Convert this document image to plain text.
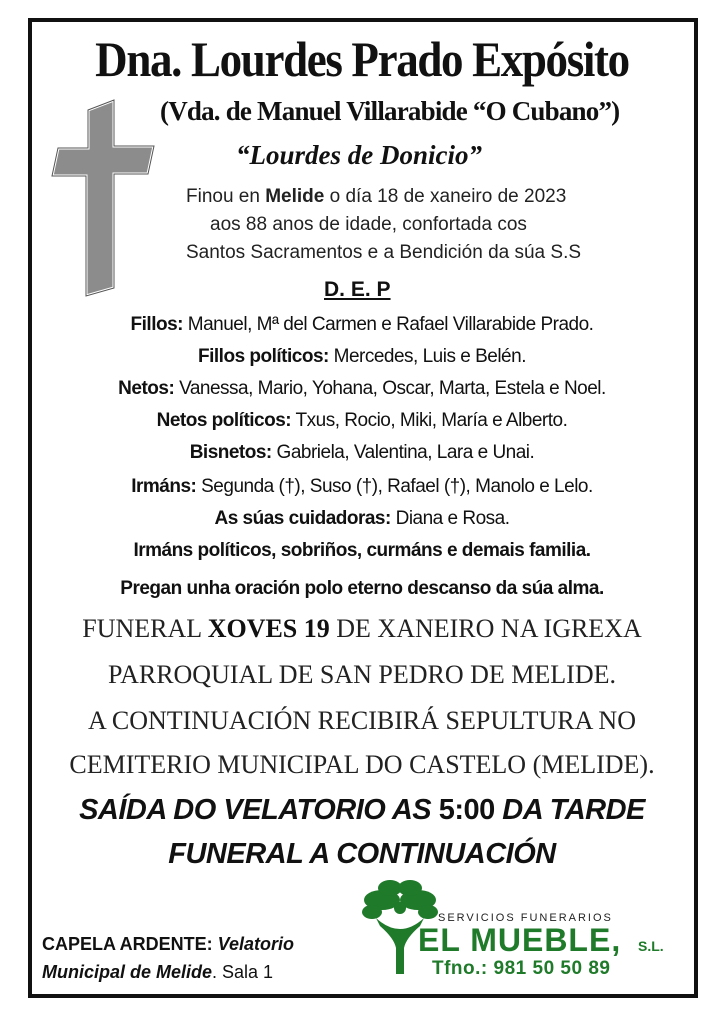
Dna. Lourdes Prado Expósito
(Vda. de Manuel Villarabide “O Cubano”)
“Lourdes de Donicio”
Finou en Melide o día 18 de xaneiro de 2023
aos 88 anos de idade, confortada cos
Santos Sacramentos e a Bendición da súa S.S
D. E. P
Fillos: Manuel, Mª del Carmen e Rafael Villarabide Prado.
Fillos políticos: Mercedes, Luis e Belén.
Netos: Vanessa, Mario, Yohana, Oscar, Marta, Estela e Noel.
Netos políticos: Txus, Rocio, Miki, María e Alberto.
Bisnetos: Gabriela, Valentina, Lara e Unai.
Irmáns: Segunda (†), Suso (†), Rafael (†), Manolo e Lelo.
As súas cuidadoras: Diana e Rosa.
Irmáns políticos, sobriños, curmáns e demais familia.
Pregan unha oración polo eterno descanso da súa alma.
FUNERAL XOVES 19 DE XANEIRO NA IGREXA
PARROQUIAL DE SAN PEDRO DE MELIDE.
A CONTINUACIÓN RECIBIRÁ SEPULTURA NO
CEMITERIO MUNICIPAL DO CASTELO (MELIDE).
SAÍDA DO VELATORIO AS 5:00 DA TARDE
FUNERAL A CONTINUACIÓN
CAPELA ARDENTE: Velatorio
Municipal de Melide. Sala 1
SERVICIOS FUNERARIOS
EL MUEBLE, S.L.
Tfno.: 981 50 50 89
